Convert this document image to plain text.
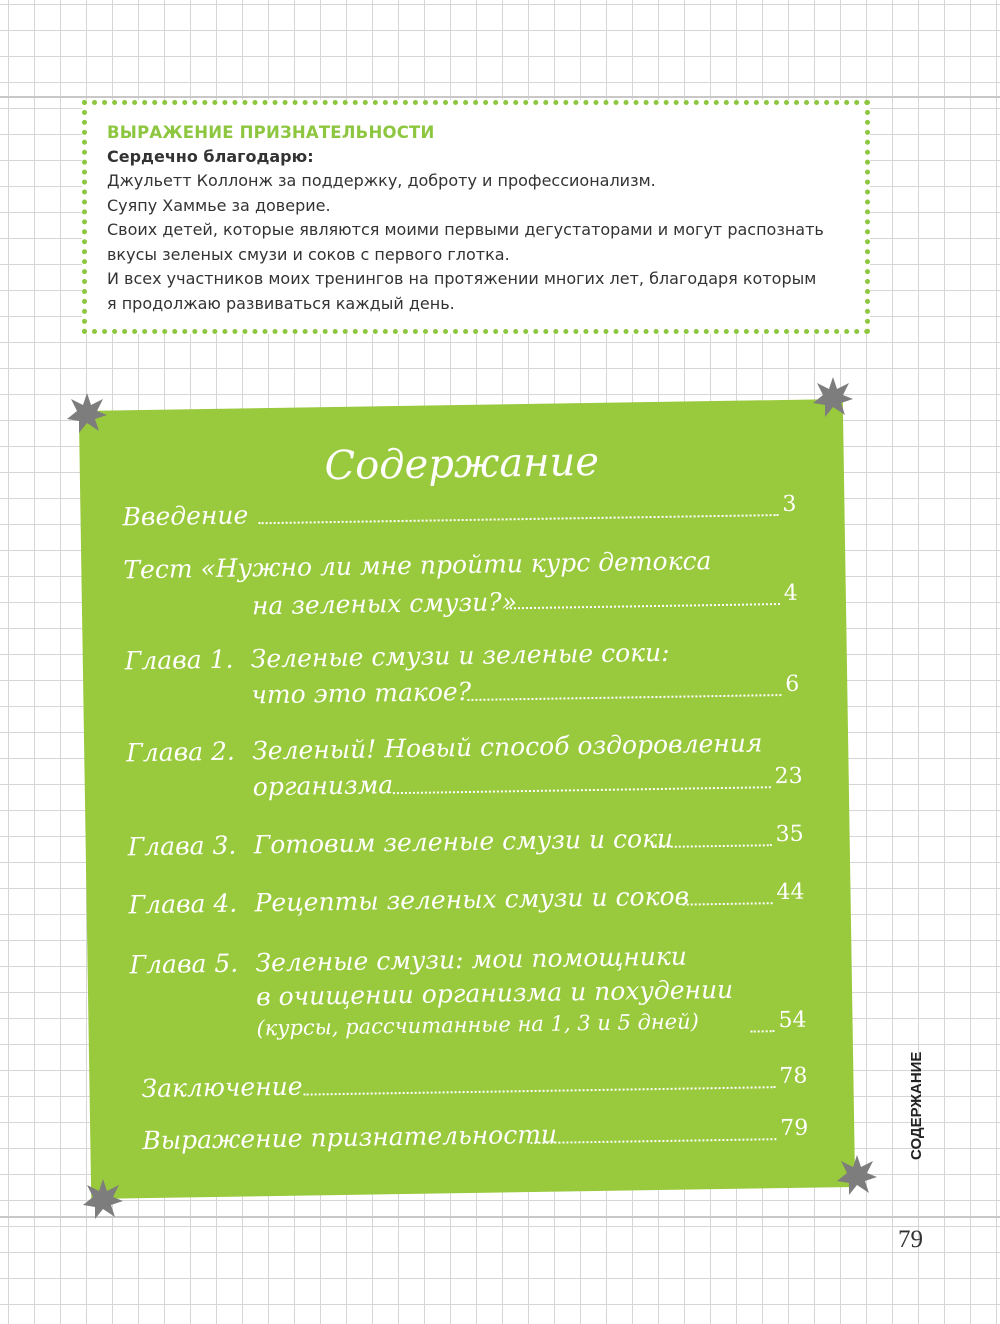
ВЫРАЖЕНИЕ ПРИЗНАТЕЛЬНОСТИ
Сердечно благодарю:
Джульетт Коллонж за поддержку, доброту и профессионализм.
Суяпу Хаммье за доверие.
Своих детей, которые являются моими первыми дегустаторами и могут распознать
вкусы зеленых смузи и соков с первого глотка.
И всех участников моих тренингов на протяжении многих лет, благодаря которым
я продолжаю развиваться каждый день.
Содержание
Введение	3
Тест «Нужно ли мне пройти курс детокса
на зеленых смузи?»	4
Глава 1. Зеленые смузи и зеленые соки:
что это такое?	6
Глава 2. Зеленый! Новый способ оздоровления
организма	23
Глава 3. Готовим зеленые смузи и соки	35
Глава 4. Рецепты зеленых смузи и соков	44
Глава 5. Зеленые смузи: мои помощники
в очищении организма и похудении
(курсы, рассчитанные на 1, 3 и 5 дней)	54
Заключение	78
Выражение признательности	79	СОДЕРЖАНИЕ
79
